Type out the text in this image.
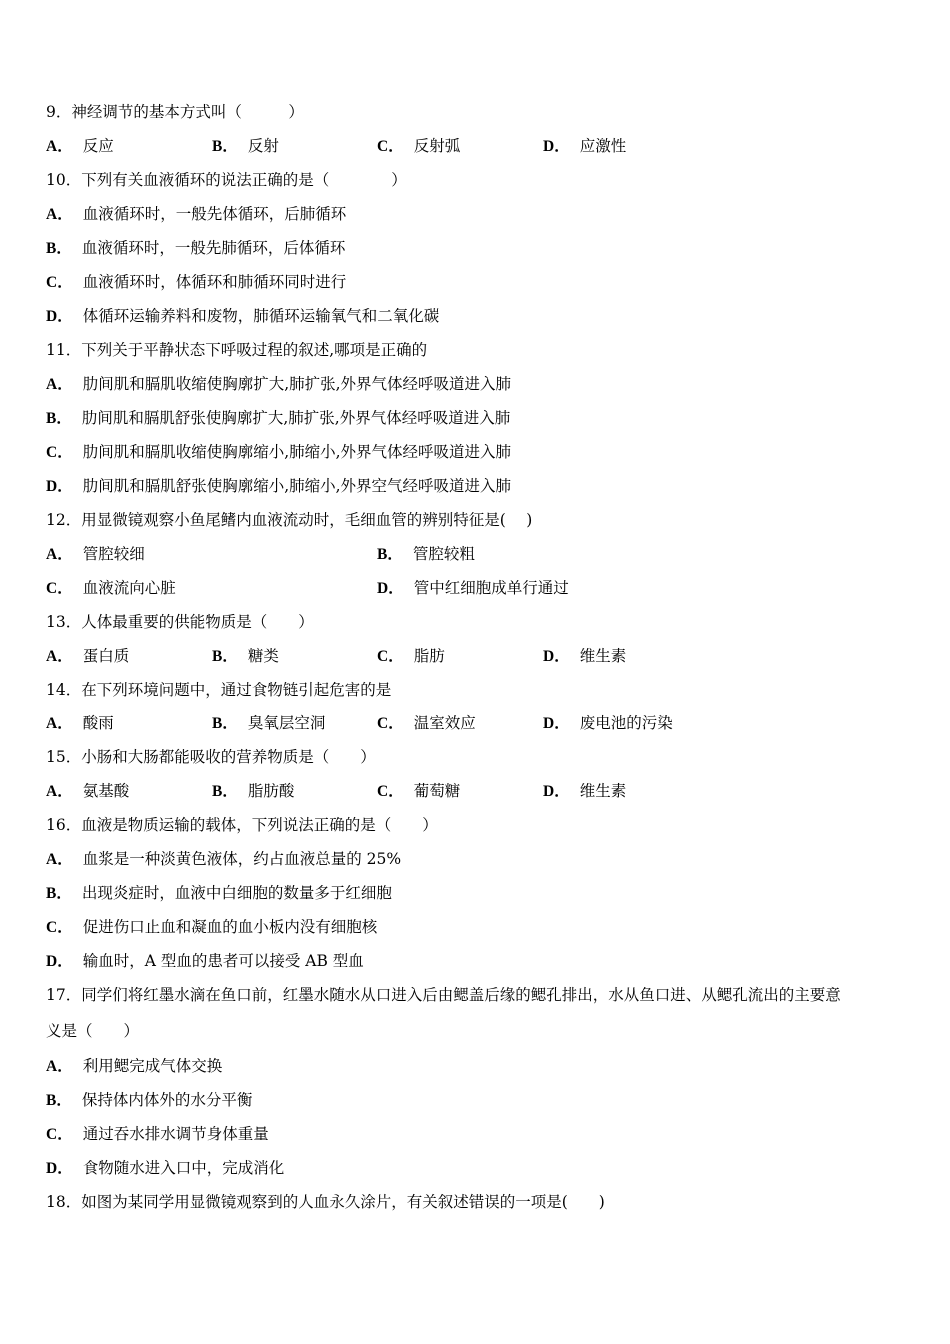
9．神经调节的基本方式叫（　　　）
A． 反应	B． 反射	C． 反射弧	D． 应激性
10．下列有关血液循环的说法正确的是（　　　　）
A． 血液循环时，一般先体循环，后肺循环
B． 血液循环时，一般先肺循环，后体循环
C． 血液循环时，体循环和肺循环同时进行
D． 体循环运输养料和废物，肺循环运输氧气和二氧化碳
11．下列关于平静状态下呼吸过程的叙述,哪项是正确的
A． 肋间肌和膈肌收缩使胸廓扩大,肺扩张,外界气体经呼吸道进入肺
B． 肋间肌和膈肌舒张使胸廓扩大,肺扩张,外界气体经呼吸道进入肺
C． 肋间肌和膈肌收缩使胸廓缩小,肺缩小,外界气体经呼吸道进入肺
D． 肋间肌和膈肌舒张使胸廓缩小,肺缩小,外界空气经呼吸道进入肺
12．用显微镜观察小鱼尾鳍内血液流动时，毛细血管的辨别特征是(　 )
A． 管腔较细	B． 管腔较粗
C． 血液流向心脏	D． 管中红细胞成单行通过
13．人体最重要的供能物质是（　　）
A． 蛋白质	B． 糖类	C． 脂肪	D． 维生素
14．在下列环境问题中，通过食物链引起危害的是
A． 酸雨	B． 臭氧层空洞	C． 温室效应	D． 废电池的污染
15．小肠和大肠都能吸收的营养物质是（　　）
A． 氨基酸	B． 脂肪酸	C． 葡萄糖	D． 维生素
16．血液是物质运输的载体，下列说法正确的是（　　）
A． 血浆是一种淡黄色液体，约占血液总量的 25%
B． 出现炎症时，血液中白细胞的数量多于红细胞
C． 促进伤口止血和凝血的血小板内没有细胞核
D． 输血时，A 型血的患者可以接受 AB 型血
17．同学们将红墨水滴在鱼口前，红墨水随水从口进入后由鳃盖后缘的鳃孔排出，水从鱼口进、从鳃孔流出的主要意
义是（　　）
A． 利用鳃完成气体交换
B． 保持体内体外的水分平衡
C． 通过吞水排水调节身体重量
D． 食物随水进入口中，完成消化
18．如图为某同学用显微镜观察到的人血永久涂片，有关叙述错误的一项是(　　)
